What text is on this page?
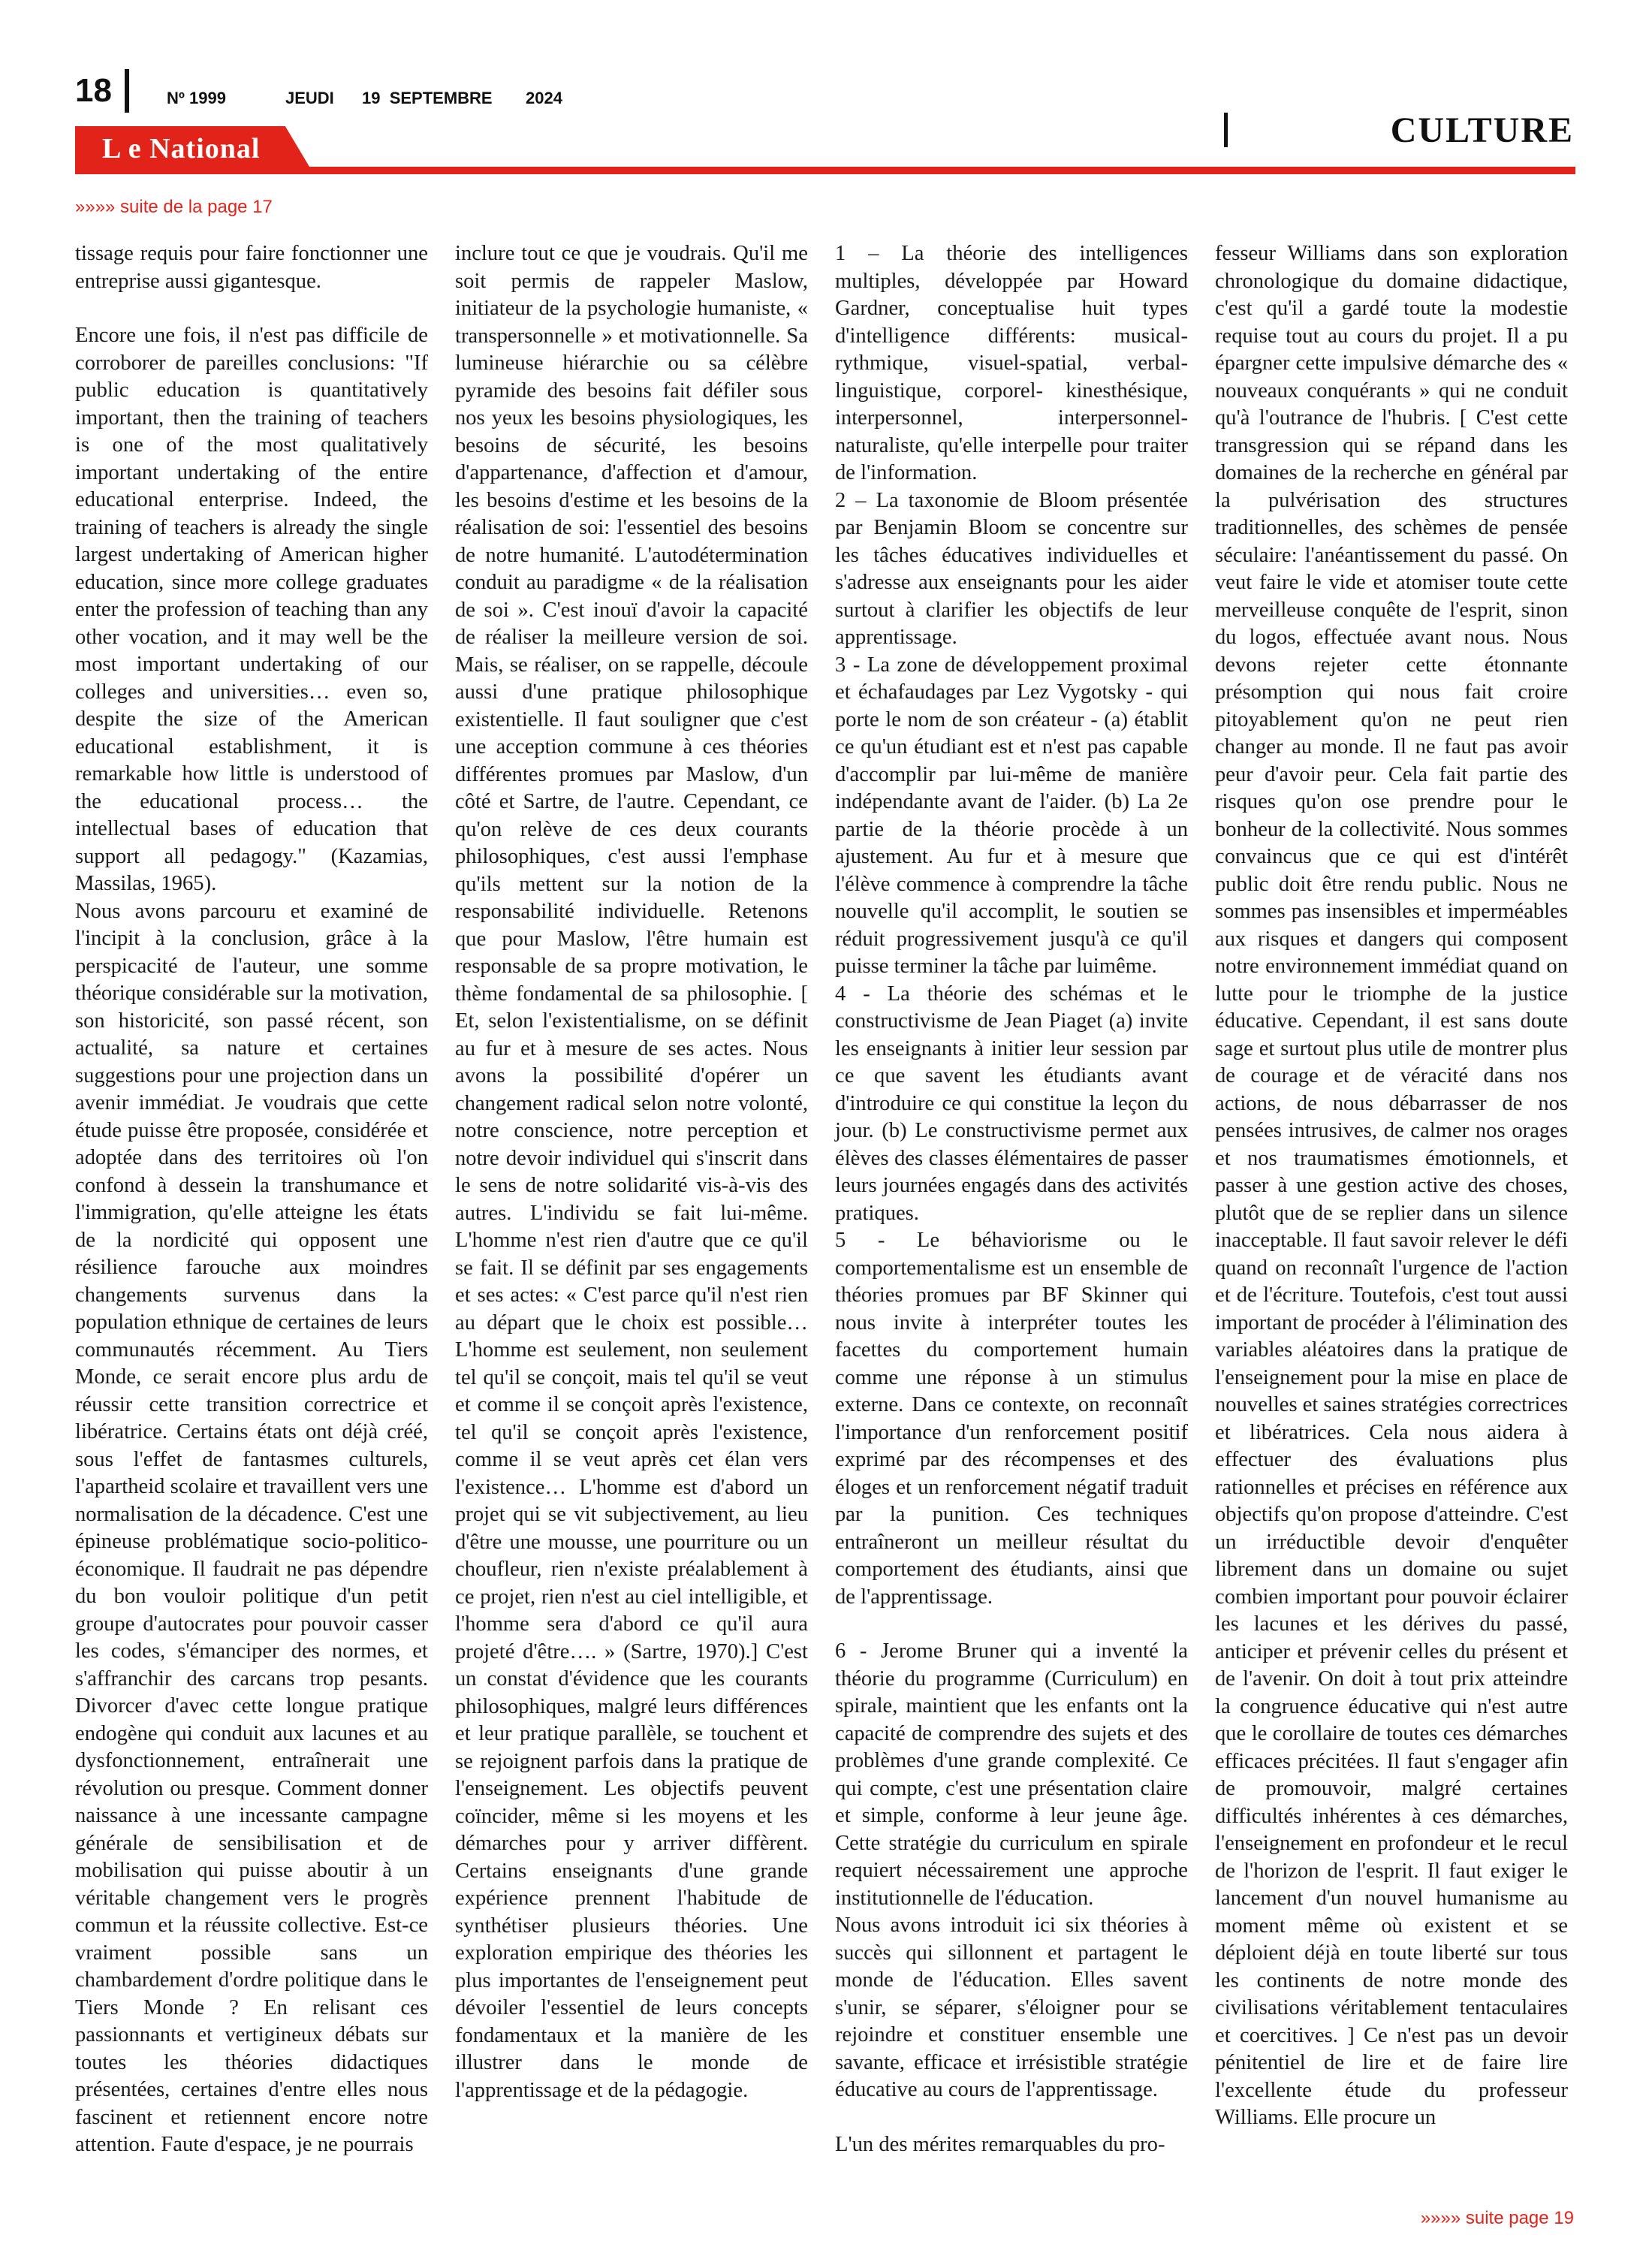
18	Nº 1999	JEUDI 19  SEPTEMBRE 2024
CULTURE
L e National
»»»» suite de la page 17

tissage requis pour faire fonctionner une entreprise aussi gigantesque.

Encore une fois, il n'est pas difficile de corroborer de pareilles conclusions: "If public education is quantitatively important, then the training of teachers is one of the most qualitatively important undertaking of the entire educational enterprise. Indeed, the training of teachers is already the single largest undertaking of American higher education, since more college graduates enter the profession of teaching than any other vocation, and it may well be the most important undertaking of our colleges and universities… even so, despite the size of the American educational establishment, it is remarkable how little is understood of the educational process… the intellectual bases of education that support all pedagogy." (Kazamias, Massilas, 1965).

Nous avons parcouru et examiné de l'incipit à la conclusion, grâce à la perspicacité de l'auteur, une somme théorique considérable sur la motivation, son historicité, son passé récent, son actualité, sa nature et certaines suggestions pour une projection dans un avenir immédiat. Je voudrais que cette étude puisse être proposée, considérée et adoptée dans des territoires où l'on confond à dessein la transhumance et l'immigration, qu'elle atteigne les états de la nordicité qui opposent une résilience farouche aux moindres changements survenus dans la population ethnique de certaines de leurs communautés récemment. Au Tiers Monde, ce serait encore plus ardu de réussir cette transition correctrice et libératrice. Certains états ont déjà créé, sous l'effet de fantasmes culturels, l'apartheid scolaire et travaillent vers une normalisation de la décadence. C'est une épineuse problématique socio-politico-économique. Il faudrait ne pas dépendre du bon vouloir politique d'un petit groupe d'autocrates pour pouvoir casser les codes, s'émanciper des normes, et s'affranchir des carcans trop pesants. Divorcer d'avec cette longue pratique endogène qui conduit aux lacunes et au dysfonctionnement, entraînerait une révolution ou presque. Comment donner naissance à une incessante campagne générale de sensibilisation et de mobilisation qui puisse aboutir à un véritable changement vers le progrès commun et la réussite collective. Est-ce vraiment possible sans un chambardement d'ordre politique dans le Tiers Monde ? En relisant ces passionnants et vertigineux débats sur toutes les théories didactiques présentées, certaines d'entre elles nous fascinent et retiennent encore notre attention. Faute d'espace, je ne pourrais

inclure tout ce que je voudrais. Qu'il me soit permis de rappeler Maslow, initiateur de la psychologie humaniste, « transpersonnelle » et motivationnelle. Sa lumineuse hiérarchie ou sa célèbre pyramide des besoins fait défiler sous nos yeux les besoins physiologiques, les besoins de sécurité, les besoins d'appartenance, d'affection et d'amour, les besoins d'estime et les besoins de la réalisation de soi: l'essentiel des besoins de notre humanité. L'autodétermination conduit au paradigme « de la réalisation de soi ». C'est inouï d'avoir la capacité de réaliser la meilleure version de soi. Mais, se réaliser, on se rappelle, découle aussi d'une pratique philosophique existentielle. Il faut souligner que c'est une acception commune à ces théories différentes promues par Maslow, d'un côté et Sartre, de l'autre. Cependant, ce qu'on relève de ces deux courants philosophiques, c'est aussi l'emphase qu'ils mettent sur la notion de la responsabilité individuelle. Retenons que pour Maslow, l'être humain est responsable de sa propre motivation, le thème fondamental de sa philosophie. [ Et, selon l'existentialisme, on se définit au fur et à mesure de ses actes. Nous avons la possibilité d'opérer un changement radical selon notre volonté, notre conscience, notre perception et notre devoir individuel qui s'inscrit dans le sens de notre solidarité vis-à-vis des autres. L'individu se fait lui-même. L'homme n'est rien d'autre que ce qu'il se fait. Il se définit par ses engagements et ses actes: « C'est parce qu'il n'est rien au départ que le choix est possible… L'homme est seulement, non seulement tel qu'il se conçoit, mais tel qu'il se veut et comme il se conçoit après l'existence, tel qu'il se conçoit après l'existence, comme il se veut après cet élan vers l'existence… L'homme est d'abord un projet qui se vit subjectivement, au lieu d'être une mousse, une pourriture ou un choufleur, rien n'existe préalablement à ce projet, rien n'est au ciel intelligible, et l'homme sera d'abord ce qu'il aura projeté d'être…. » (Sartre, 1970).] C'est un constat d'évidence que les courants philosophiques, malgré leurs différences et leur pratique parallèle, se touchent et se rejoignent parfois dans la pratique de l'enseignement. Les objectifs peuvent coïncider, même si les moyens et les démarches pour y arriver diffèrent. Certains enseignants d'une grande expérience prennent l'habitude de synthétiser plusieurs théories. Une exploration empirique des théories les plus importantes de l'enseignement peut dévoiler l'essentiel de leurs concepts fondamentaux et la manière de les illustrer dans le monde de l'apprentissage et de la pédagogie.

1 – La théorie des intelligences multiples, développée par Howard Gardner, conceptualise huit types d'intelligence différents: musical-rythmique, visuel-spatial, verbal-linguistique, corporel- kinesthésique, interpersonnel, interpersonnel-naturaliste, qu'elle interpelle pour traiter de l'information.

2 – La taxonomie de Bloom présentée par Benjamin Bloom se concentre sur les tâches éducatives individuelles et s'adresse aux enseignants pour les aider surtout à clarifier les objectifs de leur apprentissage.

3 - La zone de développement proximal et échafaudages par Lez Vygotsky - qui porte le nom de son créateur - (a) établit ce qu'un étudiant est et n'est pas capable d'accomplir par lui-même de manière indépendante avant de l'aider. (b) La 2e partie de la théorie procède à un ajustement. Au fur et à mesure que l'élève commence à comprendre la tâche nouvelle qu'il accomplit, le soutien se réduit progressivement jusqu'à ce qu'il puisse terminer la tâche par luimême.

4 - La théorie des schémas et le constructivisme de Jean Piaget (a) invite les enseignants à initier leur session par ce que savent les étudiants avant d'introduire ce qui constitue la leçon du jour. (b) Le constructivisme permet aux élèves des classes élémentaires de passer leurs journées engagés dans des activités pratiques.

5 - Le béhaviorisme ou le comportementalisme est un ensemble de théories promues par BF Skinner qui nous invite à interpréter toutes les facettes du comportement humain comme une réponse à un stimulus externe. Dans ce contexte, on reconnaît l'importance d'un renforcement positif exprimé par des récompenses et des éloges et un renforcement négatif traduit par la punition. Ces techniques entraîneront un meilleur résultat du comportement des étudiants, ainsi que de l'apprentissage.

6 - Jerome Bruner qui a inventé la théorie du programme (Curriculum) en spirale, maintient que les enfants ont la capacité de comprendre des sujets et des problèmes d'une grande complexité. Ce qui compte, c'est une présentation claire et simple, conforme à leur jeune âge. Cette stratégie du curriculum en spirale requiert nécessairement une approche institutionnelle de l'éducation.

Nous avons introduit ici six théories à succès qui sillonnent et partagent le monde de l'éducation. Elles savent s'unir, se séparer, s'éloigner pour se rejoindre et constituer ensemble une savante, efficace et irrésistible stratégie éducative au cours de l'apprentissage.

L'un des mérites remarquables du pro-

fesseur Williams dans son exploration chronologique du domaine didactique, c'est qu'il a gardé toute la modestie requise tout au cours du projet. Il a pu épargner cette impulsive démarche des « nouveaux conquérants » qui ne conduit qu'à l'outrance de l'hubris. [ C'est cette transgression qui se répand dans les domaines de la recherche en général par la pulvérisation des structures traditionnelles, des schèmes de pensée séculaire: l'anéantissement du passé. On veut faire le vide et atomiser toute cette merveilleuse conquête de l'esprit, sinon du logos, effectuée avant nous. Nous devons rejeter cette étonnante présomption qui nous fait croire pitoyablement qu'on ne peut rien changer au monde. Il ne faut pas avoir peur d'avoir peur. Cela fait partie des risques qu'on ose prendre pour le bonheur de la collectivité. Nous sommes convaincus que ce qui est d'intérêt public doit être rendu public. Nous ne sommes pas insensibles et imperméables aux risques et dangers qui composent notre environnement immédiat quand on lutte pour le triomphe de la justice éducative. Cependant, il est sans doute sage et surtout plus utile de montrer plus de courage et de véracité dans nos actions, de nous débarrasser de nos pensées intrusives, de calmer nos orages et nos traumatismes émotionnels, et passer à une gestion active des choses, plutôt que de se replier dans un silence inacceptable. Il faut savoir relever le défi quand on reconnaît l'urgence de l'action et de l'écriture. Toutefois, c'est tout aussi important de procéder à l'élimination des variables aléatoires dans la pratique de l'enseignement pour la mise en place de nouvelles et saines stratégies correctrices et libératrices. Cela nous aidera à effectuer des évaluations plus rationnelles et précises en référence aux objectifs qu'on propose d'atteindre. C'est un irréductible devoir d'enquêter librement dans un domaine ou sujet combien important pour pouvoir éclairer les lacunes et les dérives du passé, anticiper et prévenir celles du présent et de l'avenir. On doit à tout prix atteindre la congruence éducative qui n'est autre que le corollaire de toutes ces démarches efficaces précitées. Il faut s'engager afin de promouvoir, malgré certaines difficultés inhérentes à ces démarches, l'enseignement en profondeur et le recul de l'horizon de l'esprit. Il faut exiger le lancement d'un nouvel humanisme au moment même où existent et se déploient déjà en toute liberté sur tous les continents de notre monde des civilisations véritablement tentaculaires et coercitives. ] Ce n'est pas un devoir pénitentiel de lire et de faire lire l'excellente étude du professeur Williams. Elle procure un

»»»» suite page 19
